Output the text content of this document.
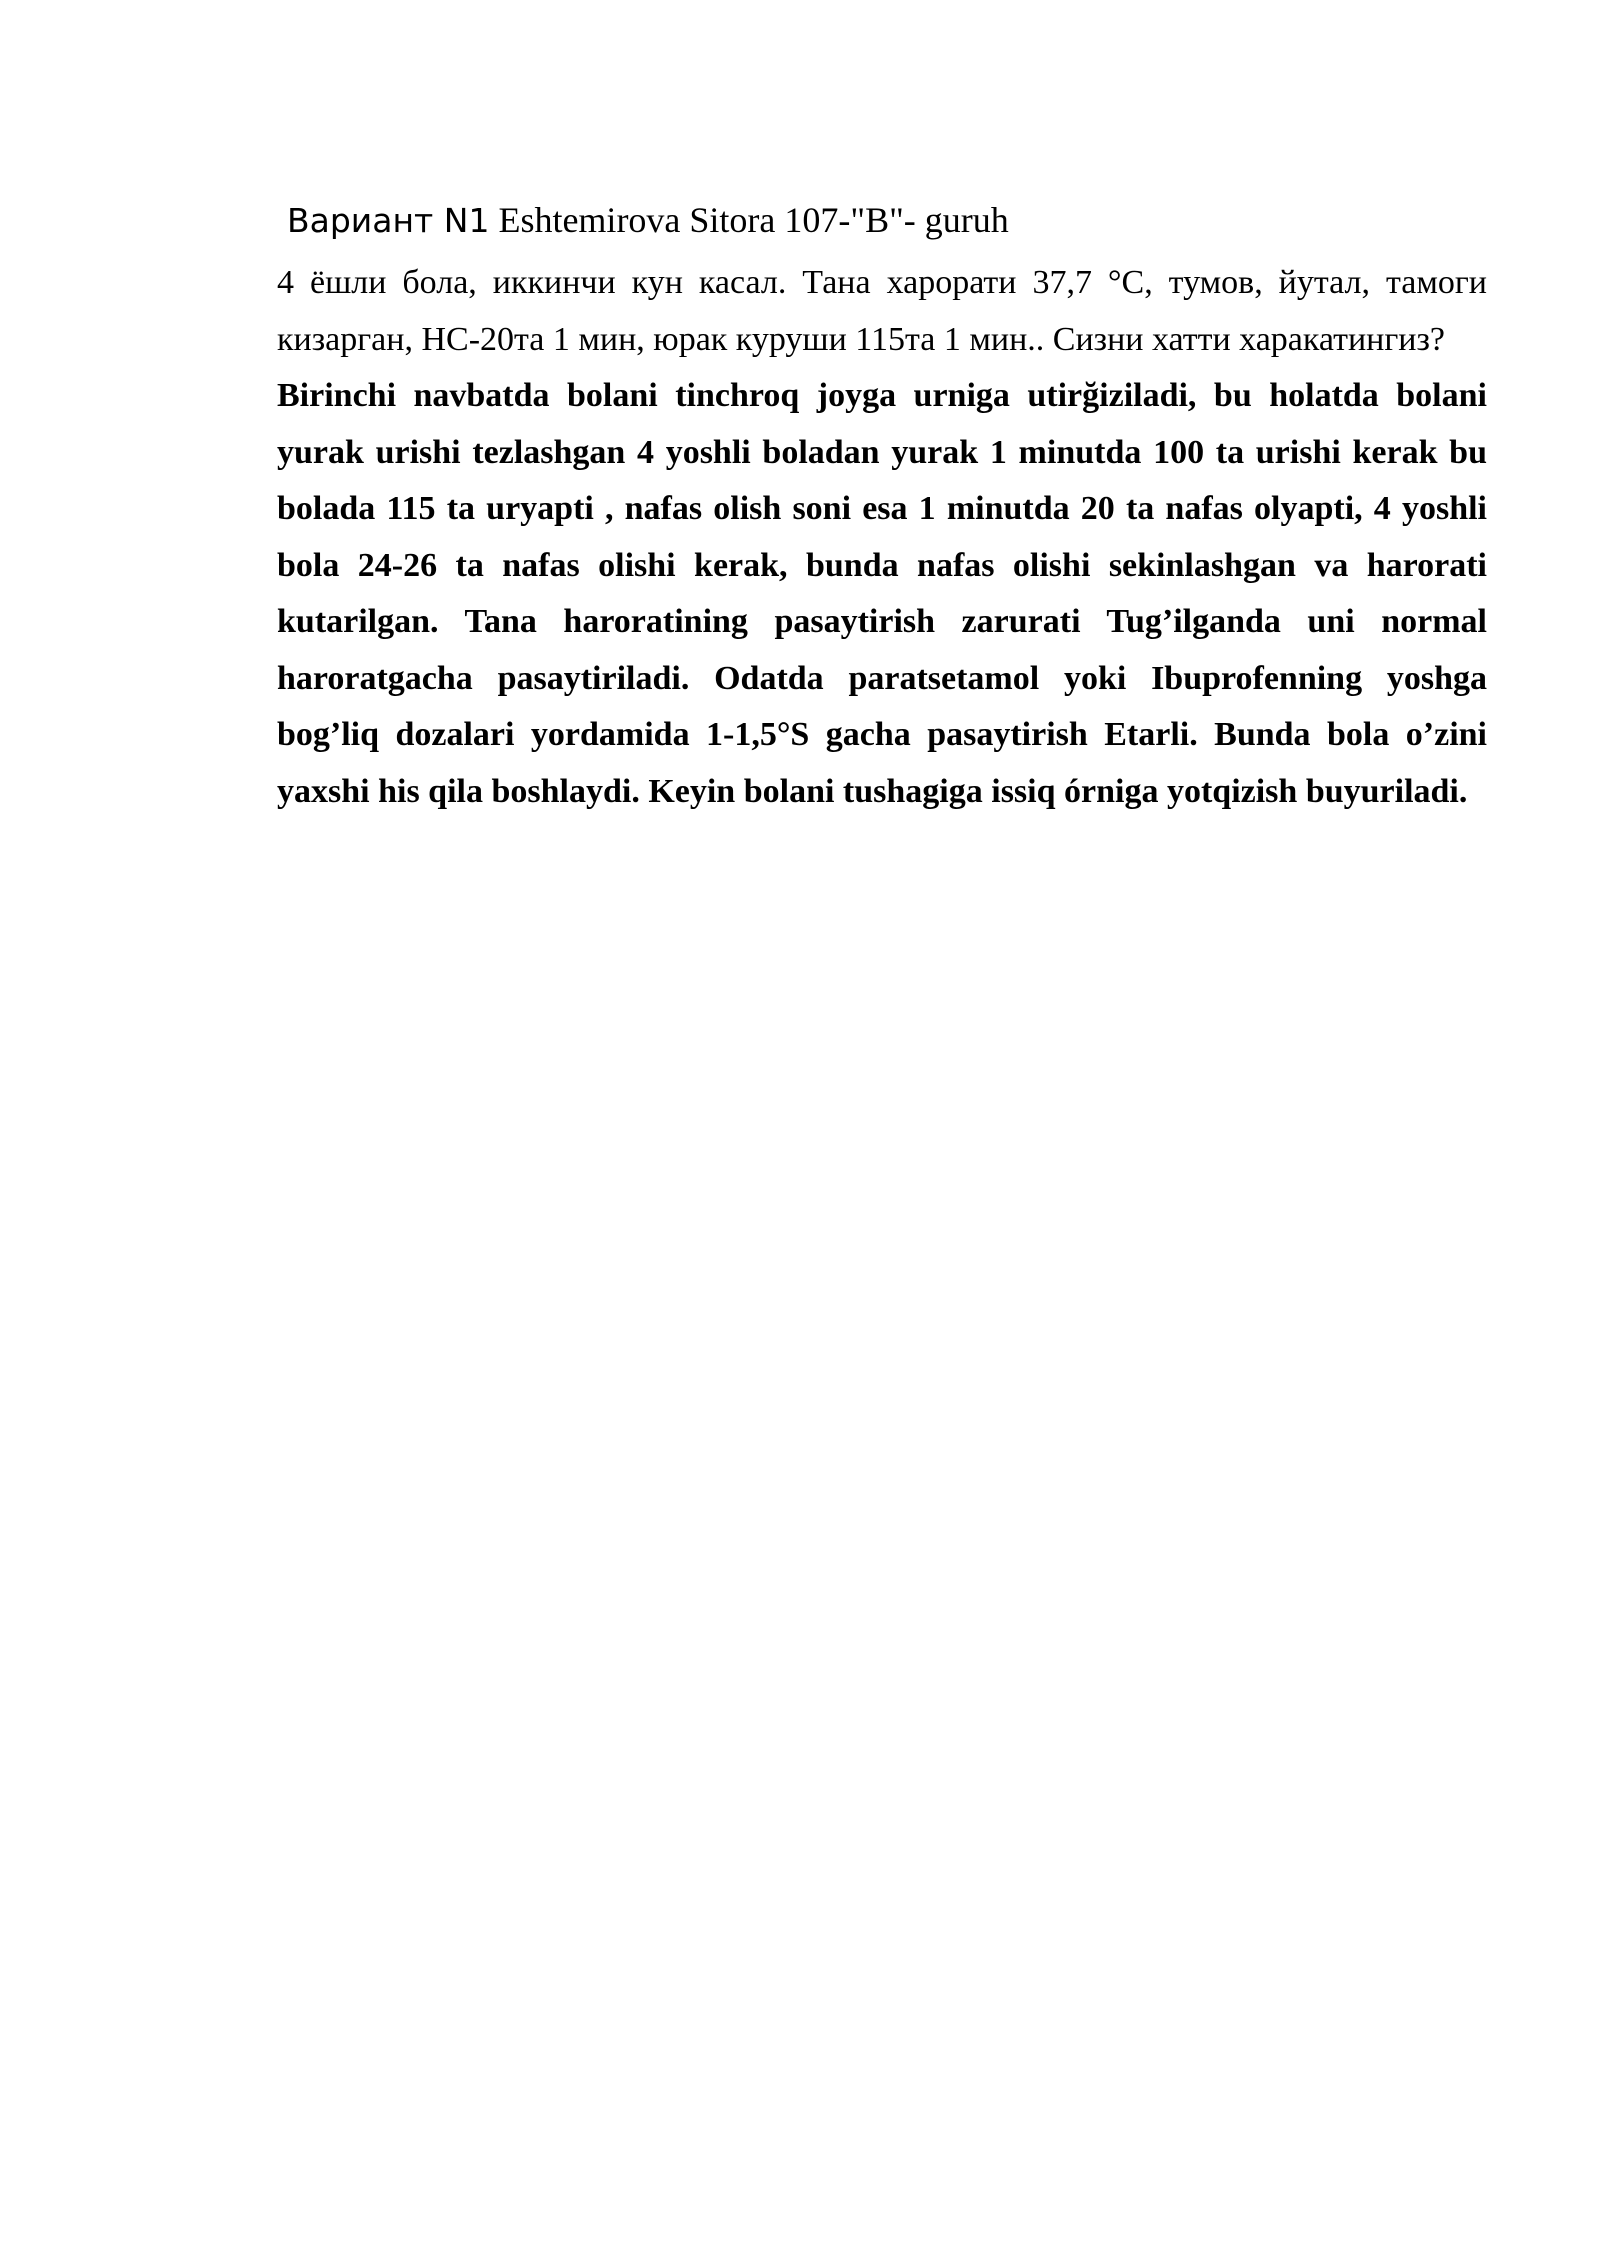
Вариант N1 Eshtemirova Sitora 107-"B"- guruh

4 ёшли бола, иккинчи кун касал. Тана харорати 37,7 °С, тумов, йутал, тамоги кизарган, НС-20та 1 мин, юрак куруши 115та 1 мин.. Сизни хатти харакатингиз?

Birinchi navbatda bolani tinchroq joyga urniga utirğiziladi, bu holatda bolani yurak urishi tezlashgan 4 yoshli boladan yurak 1 minutda 100 ta urishi kerak bu bolada 115 ta uryapti , nafas olish soni esa 1 minutda 20 ta nafas olyapti, 4 yoshli bola 24-26 ta nafas olishi kerak, bunda nafas olishi sekinlashgan va harorati kutarilgan. Tana haroratining pasaytirish zarurati Tug’ilganda uni normal haroratgacha pasaytiriladi. Odatda paratsetamol yoki Ibuprofenning yoshga bog’liq dozalari yordamida 1-1,5°S gacha pasaytirish Etarli. Bunda bola o’zini yaxshi his qila boshlaydi. Keyin bolani tushagiga issiq órniga yotqizish buyuriladi.
